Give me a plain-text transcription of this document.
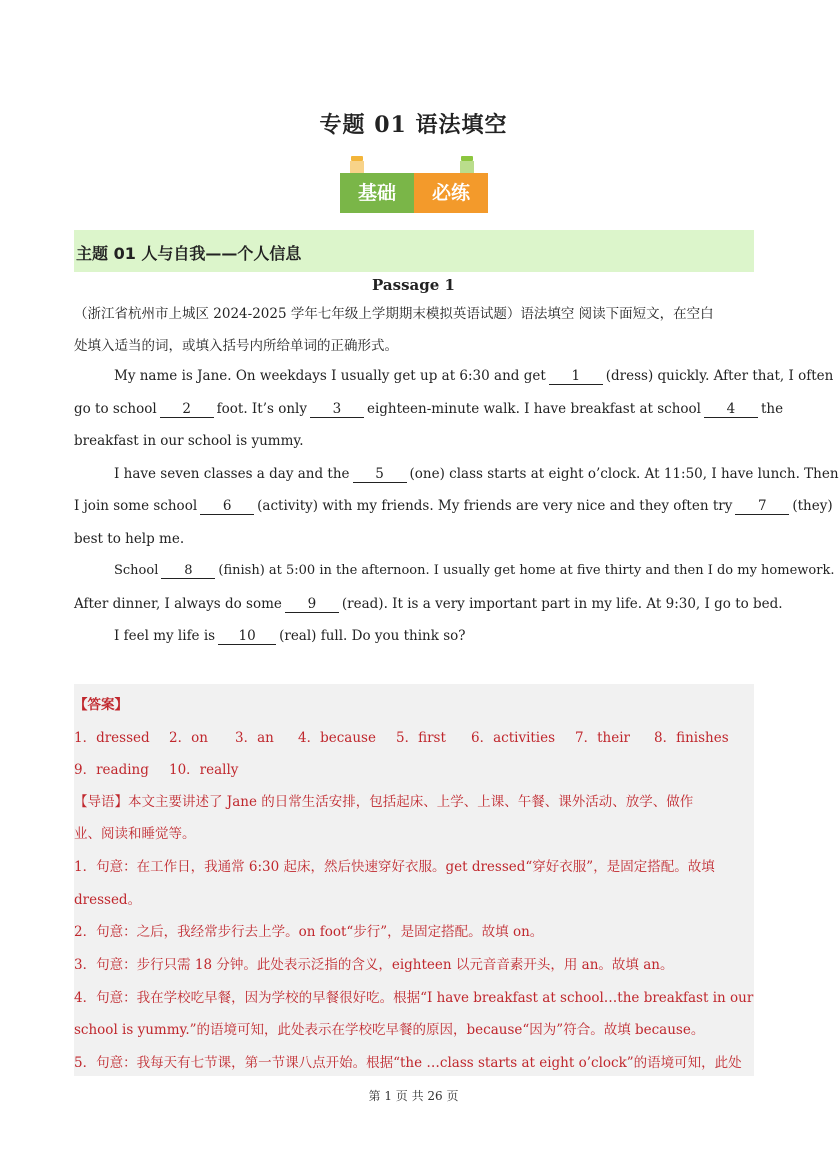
专题 01 语法填空
基础	必练
主题 01 人与自我——个人信息
Passage 1
（浙江省杭州市上城区 2024-2025 学年七年级上学期期末模拟英语试题）语法填空 阅读下面短文，在空白
处填入适当的词，或填入括号内所给单词的正确形式。
My name is Jane. On weekdays I usually get up at 6:30 and get 1 (dress) quickly. After that, I often
go to school 2 foot. It’s only 3 eighteen-minute walk. I have breakfast at school 4 the
breakfast in our school is yummy.
I have seven classes a day and the 5 (one) class starts at eight o’clock. At 11:50, I have lunch. Then
I join some school 6 (activity) with my friends. My friends are very nice and they often try 7 (they)
best to help me.
School 8 (finish) at 5:00 in the afternoon. I usually get home at five thirty and then I do my homework.
After dinner, I always do some 9 (read). It is a very important part in my life. At 9:30, I go to bed.
I feel my life is 10 (real) full. Do you think so?
【答案】
1．dressed 2．on 3．an 4．because 5．first 6．activities 7．their 8．finishes
9．reading 10．really
【导语】本文主要讲述了 Jane 的日常生活安排，包括起床、上学、上课、午餐、课外活动、放学、做作
业、阅读和睡觉等。
1．句意：在工作日，我通常 6:30 起床，然后快速穿好衣服。get dressed“穿好衣服”，是固定搭配。故填
dressed。
2．句意：之后，我经常步行去上学。on foot“步行”，是固定搭配。故填 on。
3．句意：步行只需 18 分钟。此处表示泛指的含义，eighteen 以元音音素开头，用 an。故填 an。
4．句意：我在学校吃早餐，因为学校的早餐很好吃。根据“I have breakfast at school…the breakfast in our
school is yummy.”的语境可知，此处表示在学校吃早餐的原因，because“因为”符合。故填 because。
5．句意：我每天有七节课，第一节课八点开始。根据“the …class starts at eight o’clock”的语境可知，此处
第 1 页 共 26 页
